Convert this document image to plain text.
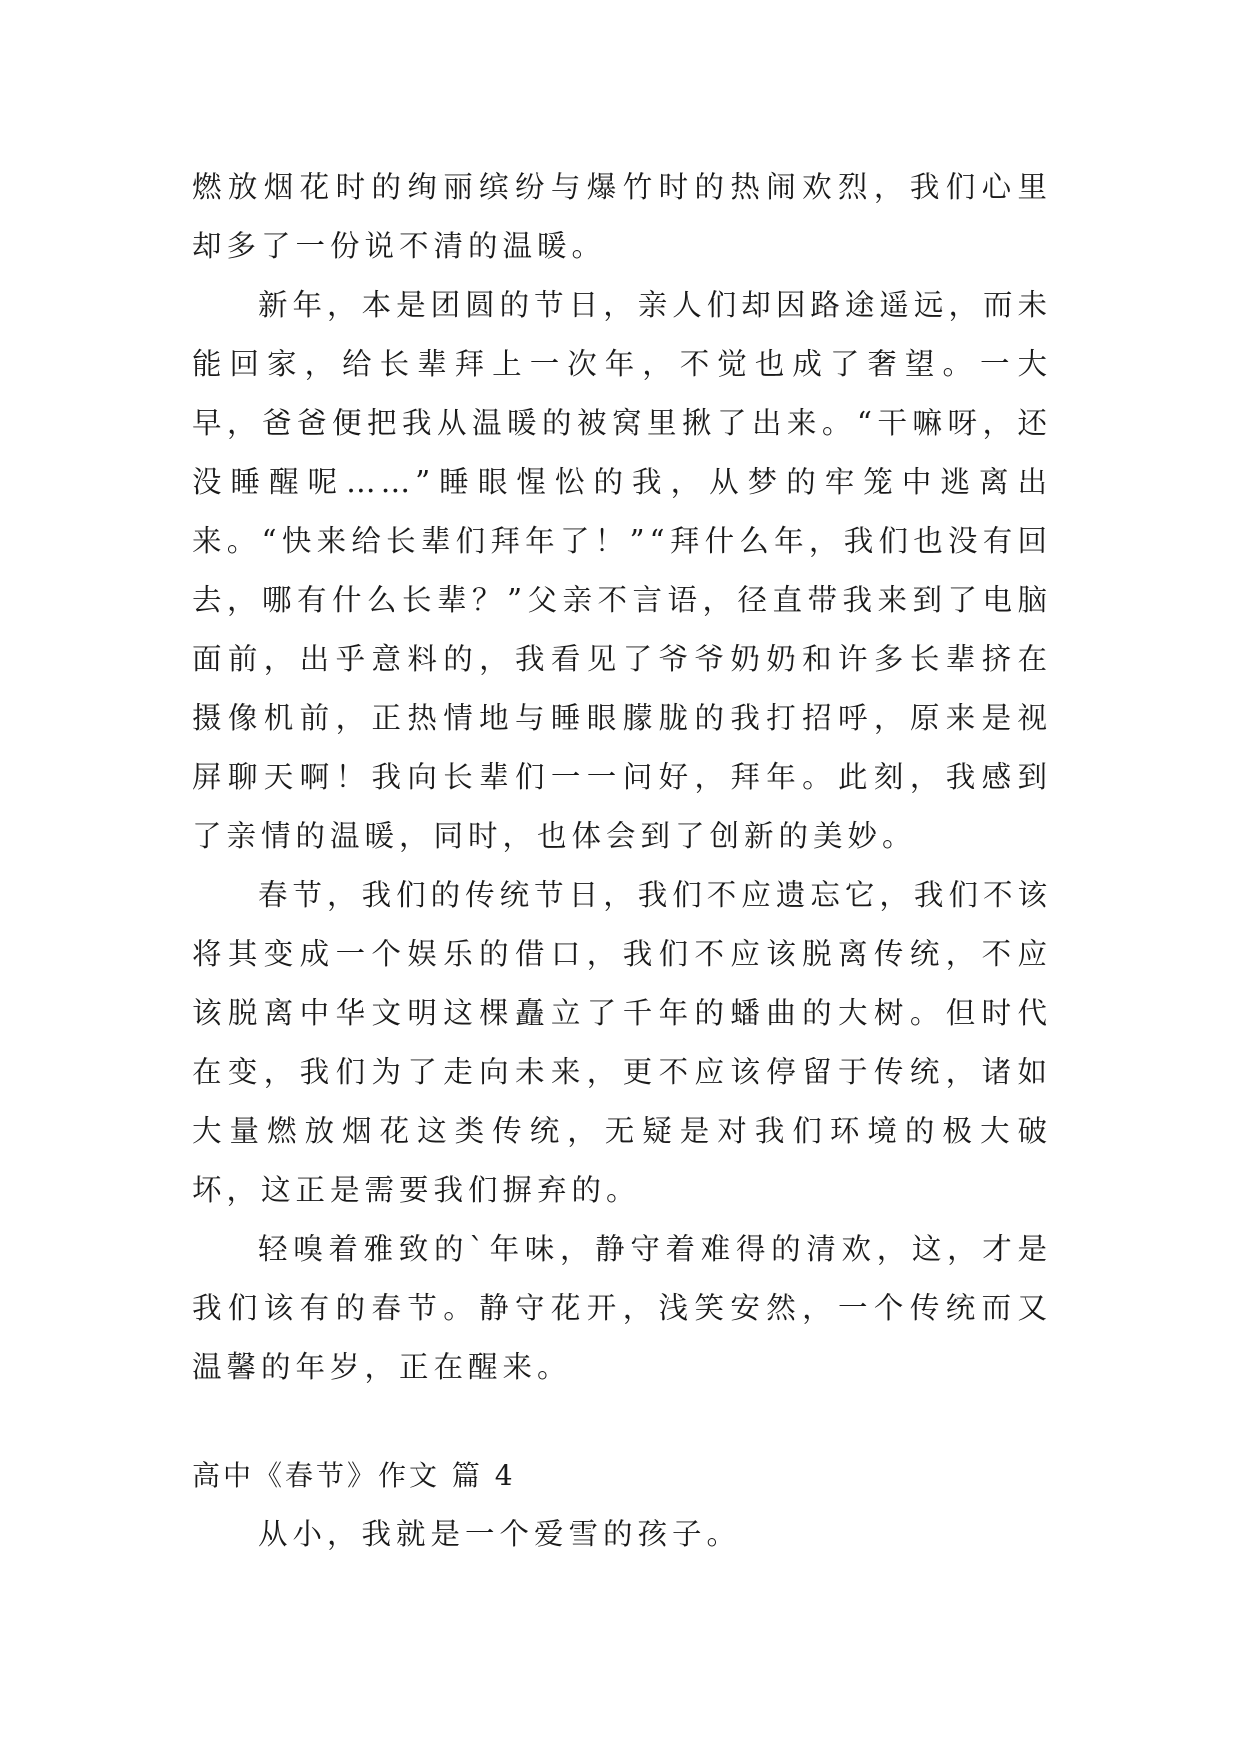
燃放烟花时的绚丽缤纷与爆竹时的热闹欢烈，我们心里却多了一份说不清的温暖。

新年，本是团圆的节日，亲人们却因路途遥远，而未能回家，给长辈拜上一次年，不觉也成了奢望。一大早，爸爸便把我从温暖的被窝里揪了出来。“干嘛呀，还没睡醒呢……”睡眼惺忪的我，从梦的牢笼中逃离出来。“快来给长辈们拜年了！”“拜什么年，我们也没有回去，哪有什么长辈？”父亲不言语，径直带我来到了电脑面前，出乎意料的，我看见了爷爷奶奶和许多长辈挤在摄像机前，正热情地与睡眼朦胧的我打招呼，原来是视屏聊天啊！我向长辈们一一问好，拜年。此刻，我感到了亲情的温暖，同时，也体会到了创新的美妙。

春节，我们的传统节日，我们不应遗忘它，我们不该将其变成一个娱乐的借口，我们不应该脱离传统，不应该脱离中华文明这棵矗立了千年的蟠曲的大树。但时代在变，我们为了走向未来，更不应该停留于传统，诸如大量燃放烟花这类传统，无疑是对我们环境的极大破坏，这正是需要我们摒弃的。

轻嗅着雅致的`年味，静守着难得的清欢，这，才是我们该有的春节。静守花开，浅笑安然，一个传统而又温馨的年岁，正在醒来。

高中《春节》作文 篇 4

从小，我就是一个爱雪的孩子。
